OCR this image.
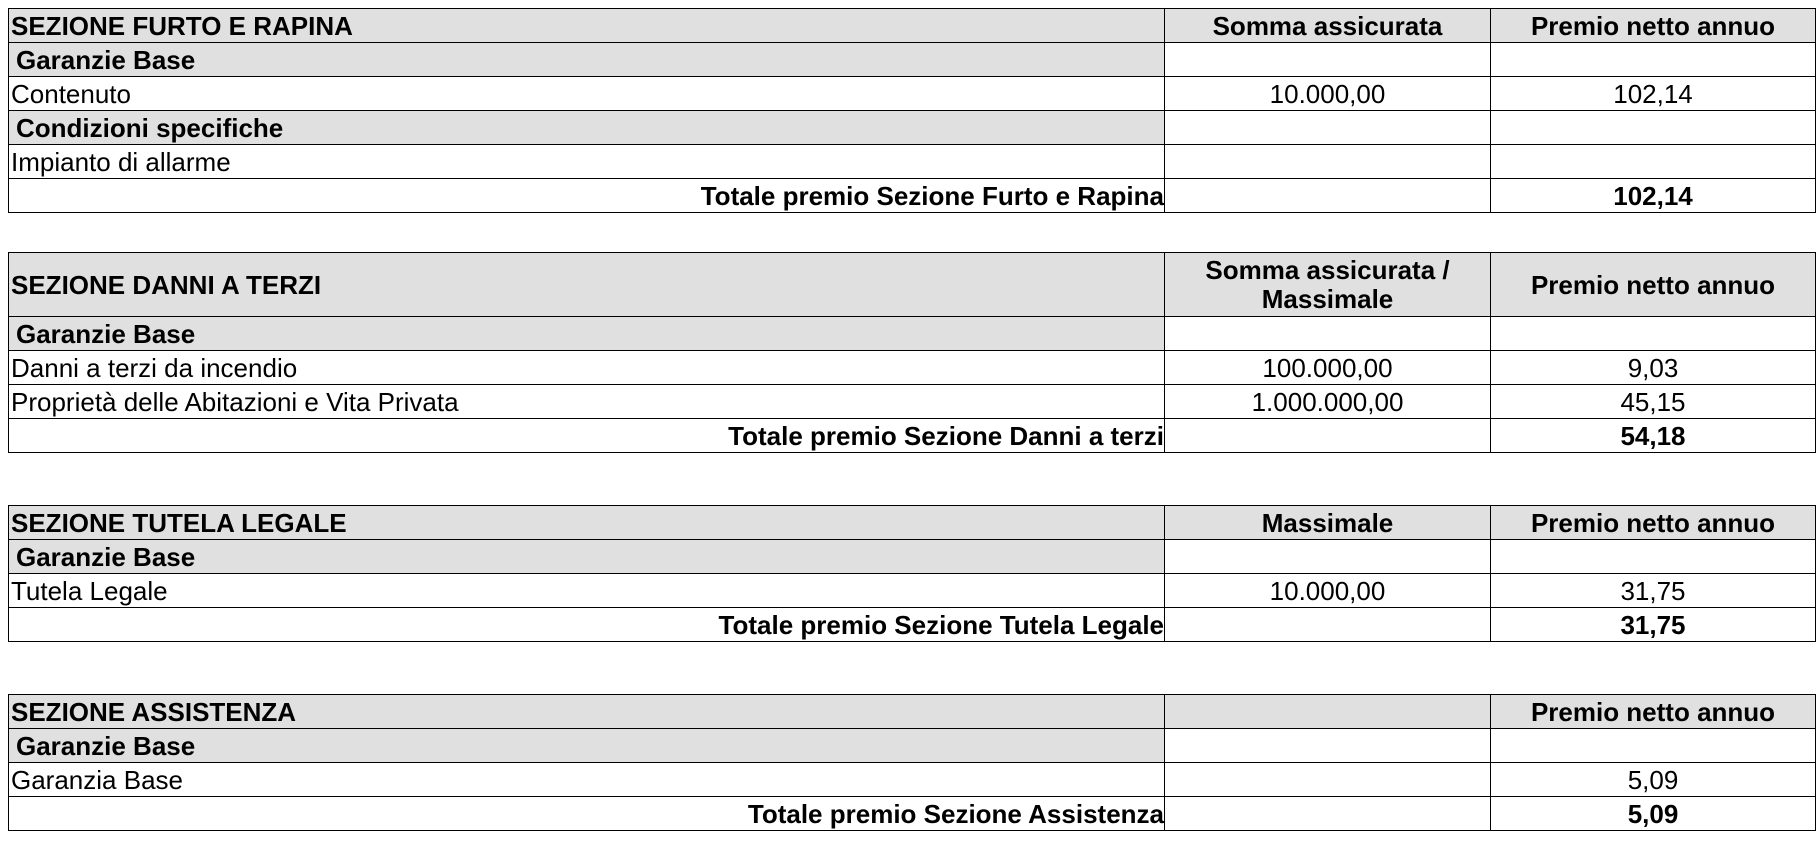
SEZIONE FURTO E RAPINA	Somma assicurata	Premio netto annuo
Garanzie Base		
Contenuto	10.000,00	102,14
Condizioni specifiche		
Impianto di allarme		
Totale premio Sezione Furto e Rapina		102,14
SEZIONE DANNI A TERZI	Somma assicurata / Massimale	Premio netto annuo
Garanzie Base		
Danni a terzi da incendio	100.000,00	9,03
Proprietà delle Abitazioni e Vita Privata	1.000.000,00	45,15
Totale premio Sezione Danni a terzi		54,18
SEZIONE TUTELA LEGALE	Massimale	Premio netto annuo
Garanzie Base		
Tutela Legale	10.000,00	31,75
Totale premio Sezione Tutela Legale		31,75
SEZIONE ASSISTENZA		Premio netto annuo
Garanzie Base		
Garanzia Base		5,09
Totale premio Sezione Assistenza		5,09
